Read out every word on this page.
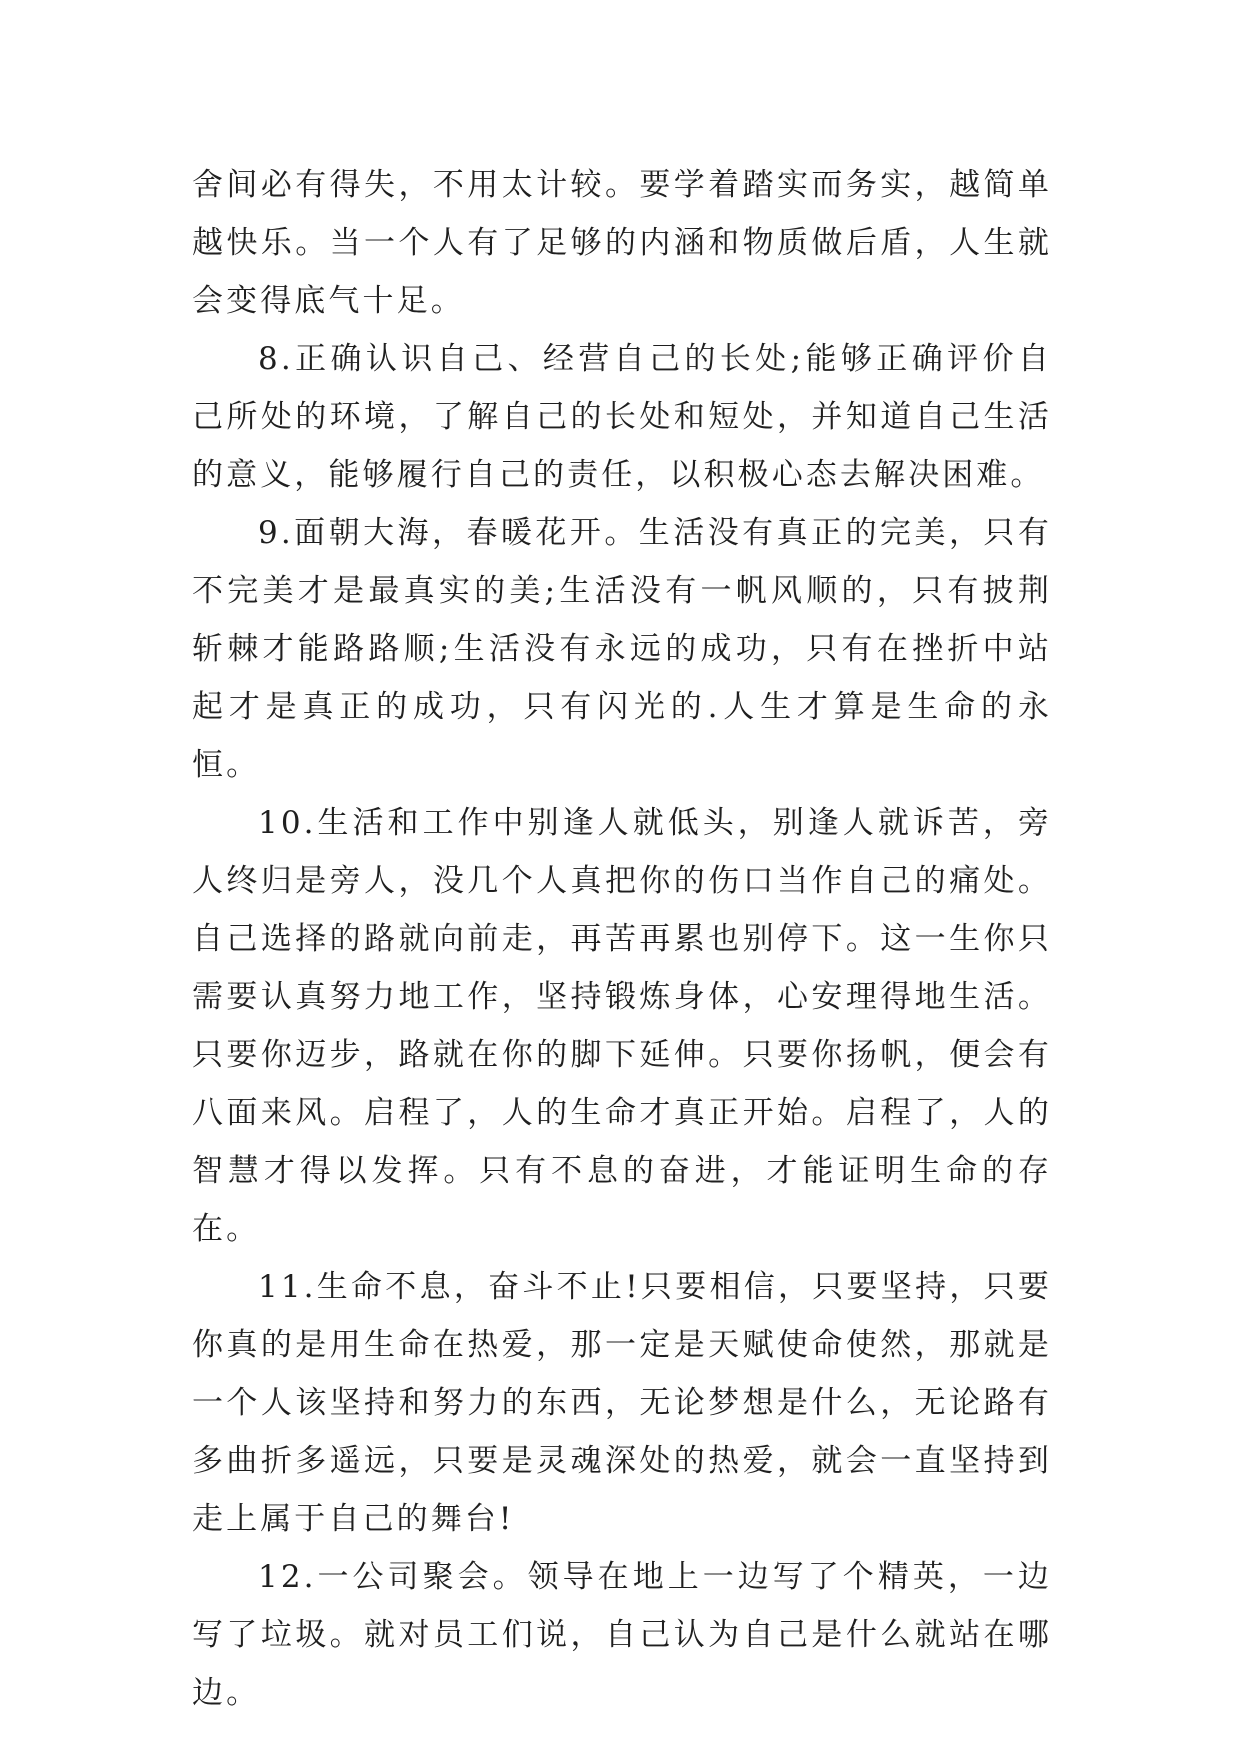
舍间必有得失，不用太计较。要学着踏实而务实，越简单越快乐。当一个人有了足够的内涵和物质做后盾，人生就会变得底气十足。

8.正确认识自己、经营自己的长处;能够正确评价自己所处的环境，了解自己的长处和短处，并知道自己生活的意义，能够履行自己的责任，以积极心态去解决困难。

9.面朝大海，春暖花开。生活没有真正的完美，只有不完美才是最真实的美;生活没有一帆风顺的，只有披荆斩棘才能路路顺;生活没有永远的成功，只有在挫折中站起才是真正的成功，只有闪光的.人生才算是生命的永恒。

10.生活和工作中别逢人就低头，别逢人就诉苦，旁人终归是旁人，没几个人真把你的伤口当作自己的痛处。自己选择的路就向前走，再苦再累也别停下。这一生你只需要认真努力地工作，坚持锻炼身体，心安理得地生活。只要你迈步，路就在你的脚下延伸。只要你扬帆，便会有八面来风。启程了，人的生命才真正开始。启程了，人的智慧才得以发挥。只有不息的奋进，才能证明生命的存在。

11.生命不息，奋斗不止!只要相信，只要坚持，只要你真的是用生命在热爱，那一定是天赋使命使然，那就是一个人该坚持和努力的东西，无论梦想是什么，无论路有多曲折多遥远，只要是灵魂深处的热爱，就会一直坚持到走上属于自己的舞台!

12.一公司聚会。领导在地上一边写了个精英，一边写了垃圾。就对员工们说，自己认为自己是什么就站在哪边。
